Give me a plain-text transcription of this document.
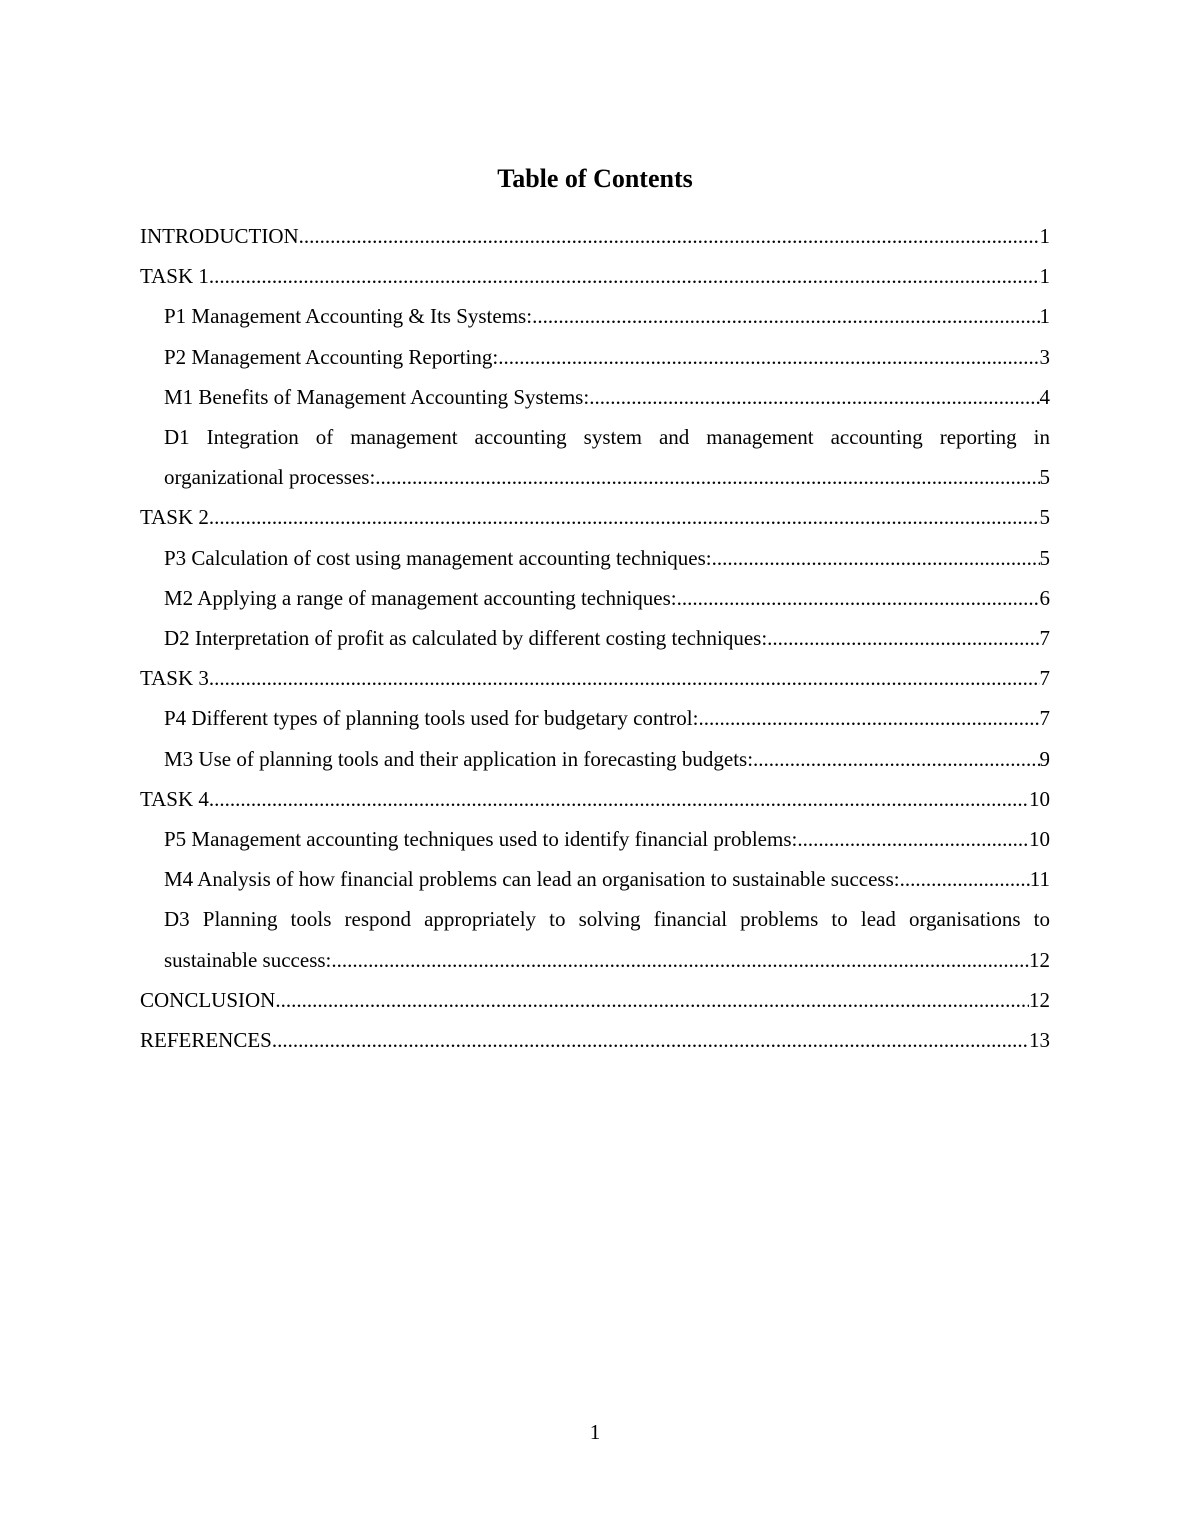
Table of Contents
INTRODUCTION .....	1
TASK 1 .....	1
P1 Management Accounting & Its Systems: .....	1
P2 Management Accounting Reporting: .....	3
M1 Benefits of Management Accounting Systems: .....	4
D1 Integration of management accounting system and management accounting reporting in
organizational processes: .....	5
TASK 2 .....	5
P3 Calculation of cost using management accounting techniques: .....	5
M2 Applying a range of management accounting techniques: .....	6
D2 Interpretation of profit as calculated by different costing techniques: .....	7
TASK 3 .....	7
P4 Different types of planning tools used for budgetary control: .....	7
M3 Use of planning tools and their application in forecasting budgets: .....	9
TASK 4 .....	10
P5 Management accounting techniques used to identify financial problems: .....	10
M4 Analysis of how financial problems can lead an organisation to sustainable success: .....	11
D3 Planning tools respond appropriately to solving financial problems to lead organisations to
sustainable success: .....	12
CONCLUSION .....	12
REFERENCES .....	13
1
